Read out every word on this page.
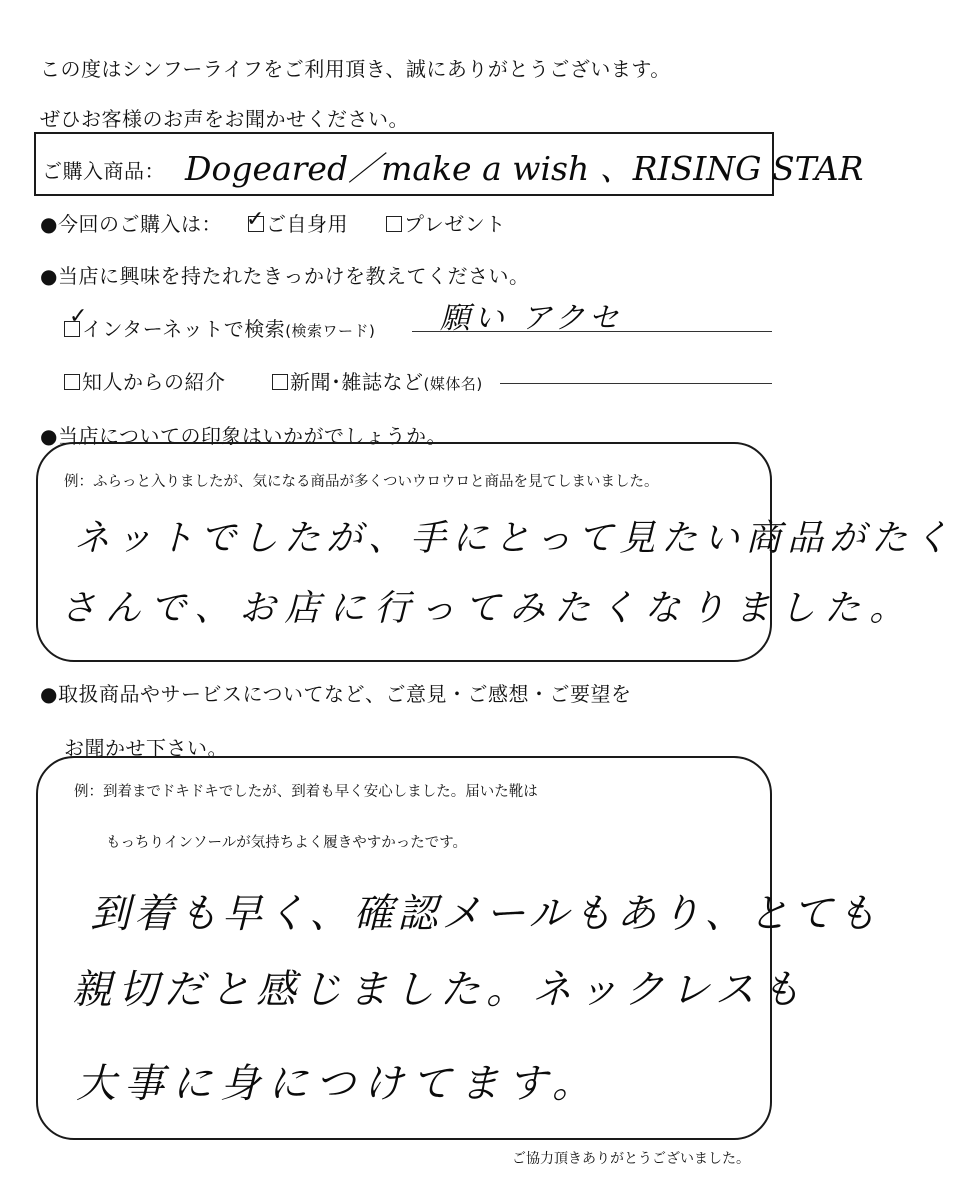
この度はシンフーライフをご利用頂き、誠にありがとうございます。
ぜひお客様のお声をお聞かせください。
ご購入商品： Dogeared／make a wish 、RISING STAR
●今回のご購入は： ✓ ご自身用	プレゼント
●当店に興味を持たれたきっかけを教えてください。
✓
インターネットで検索(検索ワード) 願い アクセ
知人からの紹介	新聞･雑誌など(媒体名)
●当店についての印象はいかがでしょうか。
例：ふらっと入りましたが、気になる商品が多くついウロウロと商品を見てしまいました。
ネットでしたが、手にとって見たい商品がたく
さんで、お店に行ってみたくなりました。
●取扱商品やサービスについてなど、ご意見・ご感想・ご要望を
お聞かせ下さい。
例：到着までドキドキでしたが、到着も早く安心しました。届いた靴は
もっちりインソールが気持ちよく履きやすかったです。
到着も早く、確認メールもあり、とても
親切だと感じました。ネックレスも
大事に身につけてます。
ご協力頂きありがとうございました。
